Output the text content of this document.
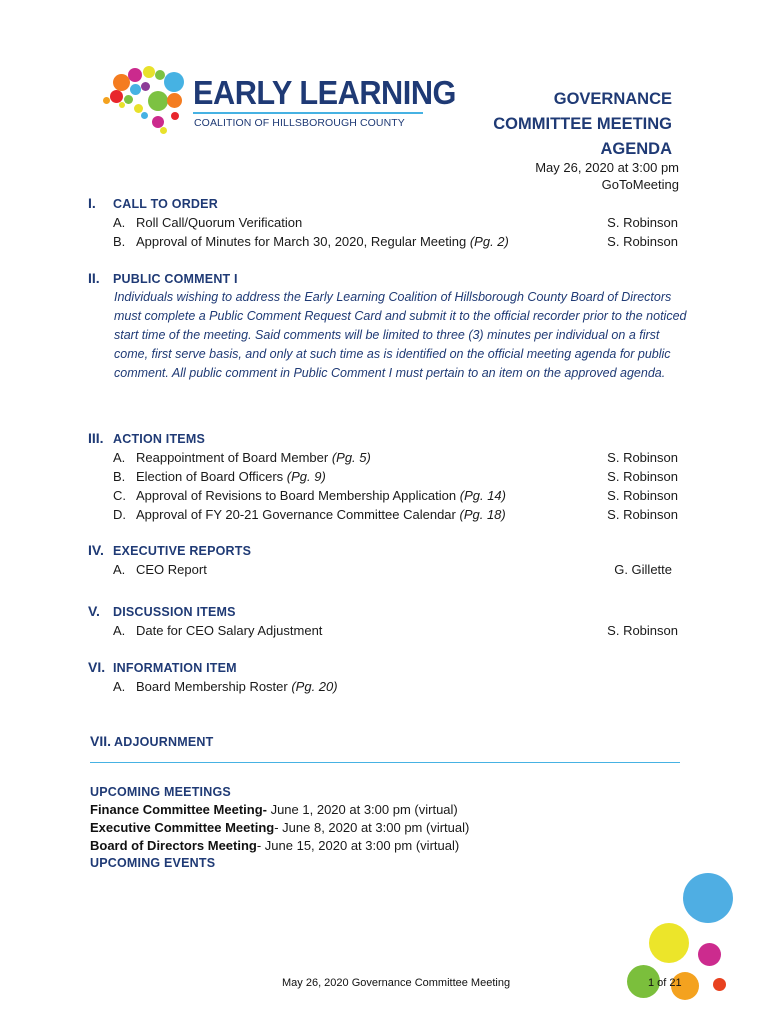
EARLY LEARNING
COALITION OF HILLSBOROUGH COUNTY
GOVERNANCE
COMMITTEE MEETING
AGENDA
May 26, 2020 at 3:00 pm
GoToMeeting
I. CALL TO ORDER
A. Roll Call/Quorum Verification	S. Robinson
B. Approval of Minutes for March 30, 2020, Regular Meeting (Pg. 2)	S. Robinson
II. PUBLIC COMMENT I
Individuals wishing to address the Early Learning Coalition of Hillsborough County Board of Directors must complete a Public Comment Request Card and submit it to the official recorder prior to the noticed start time of the meeting. Said comments will be limited to three (3) minutes per individual on a first come, first serve basis, and only at such time as is identified on the official meeting agenda for public comment. All public comment in Public Comment I must pertain to an item on the approved agenda.
III. ACTION ITEMS
A. Reappointment of Board Member (Pg. 5)	S. Robinson
B. Election of Board Officers (Pg. 9)	S. Robinson
C. Approval of Revisions to Board Membership Application (Pg. 14)	S. Robinson
D. Approval of FY 20-21 Governance Committee Calendar (Pg. 18)	S. Robinson
IV. EXECUTIVE REPORTS
A. CEO Report	G. Gillette
V. DISCUSSION ITEMS
A. Date for CEO Salary Adjustment	S. Robinson
VI. INFORMATION ITEM
A. Board Membership Roster (Pg. 20)
VII. ADJOURNMENT
UPCOMING MEETINGS
Finance Committee Meeting- June 1, 2020 at 3:00 pm (virtual)
Executive Committee Meeting- June 8, 2020 at 3:00 pm (virtual)
Board of Directors Meeting- June 15, 2020 at 3:00 pm (virtual)
UPCOMING EVENTS
May 26, 2020 Governance Committee Meeting	1 of 21
